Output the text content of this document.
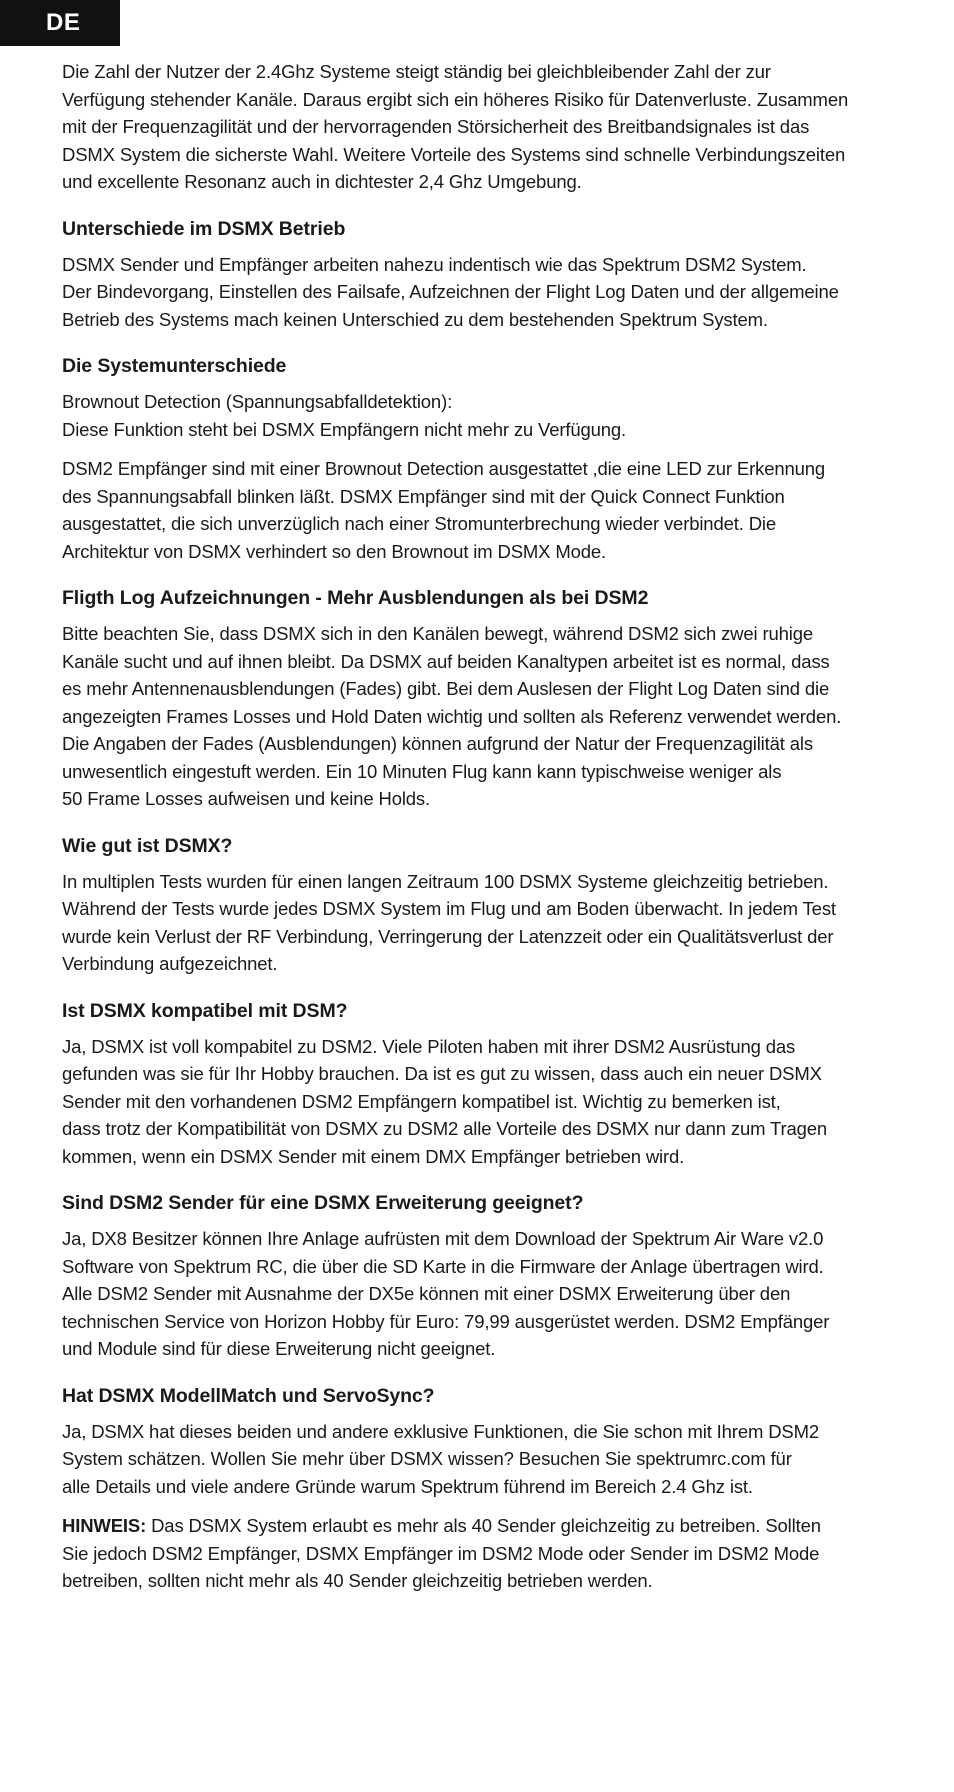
DE

Die Zahl der Nutzer der 2.4Ghz Systeme steigt ständig bei gleichbleibender Zahl der zur
Verfügung stehender Kanäle. Daraus ergibt sich ein höheres Risiko für Datenverluste. Zusammen
mit der Frequenzagilität und der hervorragenden Störsicherheit des Breitbandsignales ist das
DSMX System die sicherste Wahl. Weitere Vorteile des Systems sind schnelle Verbindungszeiten
und excellente Resonanz auch in dichtester 2,4 Ghz Umgebung.

Unterschiede im DSMX Betrieb

DSMX Sender und Empfänger arbeiten nahezu indentisch wie das Spektrum DSM2 System.
Der Bindevorgang, Einstellen des Failsafe, Aufzeichnen der Flight Log Daten und der allgemeine
Betrieb des Systems mach keinen Unterschied zu dem bestehenden Spektrum System.

Die Systemunterschiede

Brownout Detection (Spannungsabfalldetektion):
Diese Funktion steht bei DSMX Empfängern nicht mehr zu Verfügung.

DSM2 Empfänger sind mit einer Brownout Detection ausgestattet ,die eine LED zur Erkennung
des Spannungsabfall blinken läßt. DSMX Empfänger sind mit der Quick Connect Funktion
ausgestattet, die sich unverzüglich nach einer Stromunterbrechung wieder verbindet. Die
Architektur von DSMX verhindert so den Brownout im DSMX Mode.

Fligth Log Aufzeichnungen - Mehr Ausblendungen als bei DSM2

Bitte beachten Sie, dass DSMX sich in den Kanälen bewegt, während DSM2 sich zwei ruhige
Kanäle sucht und auf ihnen bleibt. Da DSMX auf beiden Kanaltypen arbeitet ist es normal, dass
es mehr Antennenausblendungen (Fades) gibt. Bei dem Auslesen der Flight Log Daten sind die
angezeigten Frames Losses und Hold Daten wichtig und sollten als Referenz verwendet werden.
Die Angaben der Fades (Ausblendungen) können aufgrund der Natur der Frequenzagilität als
unwesentlich eingestuft werden. Ein 10 Minuten Flug kann kann typischweise weniger als
50 Frame Losses aufweisen und keine Holds.

Wie gut ist DSMX?

In multiplen Tests wurden für einen langen Zeitraum 100 DSMX Systeme gleichzeitig betrieben.
Während der Tests wurde jedes DSMX System im Flug und am Boden überwacht. In jedem Test
wurde kein Verlust der RF Verbindung, Verringerung der Latenzzeit oder ein Qualitätsverlust der
Verbindung aufgezeichnet.

Ist DSMX kompatibel mit DSM?

Ja, DSMX ist voll kompabitel zu DSM2. Viele Piloten haben mit ihrer DSM2 Ausrüstung das
gefunden was sie für Ihr Hobby brauchen. Da ist es gut zu wissen, dass auch ein neuer DSMX
Sender mit den vorhandenen DSM2 Empfängern kompatibel ist. Wichtig zu bemerken ist,
dass trotz der Kompatibilität von DSMX zu DSM2 alle Vorteile des DSMX nur dann zum Tragen
kommen, wenn ein DSMX Sender mit einem DMX Empfänger betrieben wird.

Sind DSM2 Sender für eine DSMX Erweiterung geeignet?

Ja, DX8 Besitzer können Ihre Anlage aufrüsten mit dem Download der Spektrum Air Ware v2.0
Software von Spektrum RC, die über die SD Karte in die Firmware der Anlage übertragen wird.
Alle DSM2 Sender mit Ausnahme der DX5e können mit einer DSMX Erweiterung über den
technischen Service von Horizon Hobby für Euro: 79,99 ausgerüstet werden. DSM2 Empfänger
und Module sind für diese Erweiterung nicht geeignet.

Hat DSMX ModellMatch und ServoSync?

Ja, DSMX hat dieses beiden und andere exklusive Funktionen, die Sie schon mit Ihrem DSM2
System schätzen. Wollen Sie mehr über DSMX wissen? Besuchen Sie spektrumrc.com für
alle Details und viele andere Gründe warum Spektrum führend im Bereich 2.4 Ghz ist.

HINWEIS: Das DSMX System erlaubt es mehr als 40 Sender gleichzeitig zu betreiben. Sollten
Sie jedoch DSM2 Empfänger, DSMX Empfänger im DSM2 Mode oder Sender im DSM2 Mode
betreiben, sollten nicht mehr als 40 Sender gleichzeitig betrieben werden.
